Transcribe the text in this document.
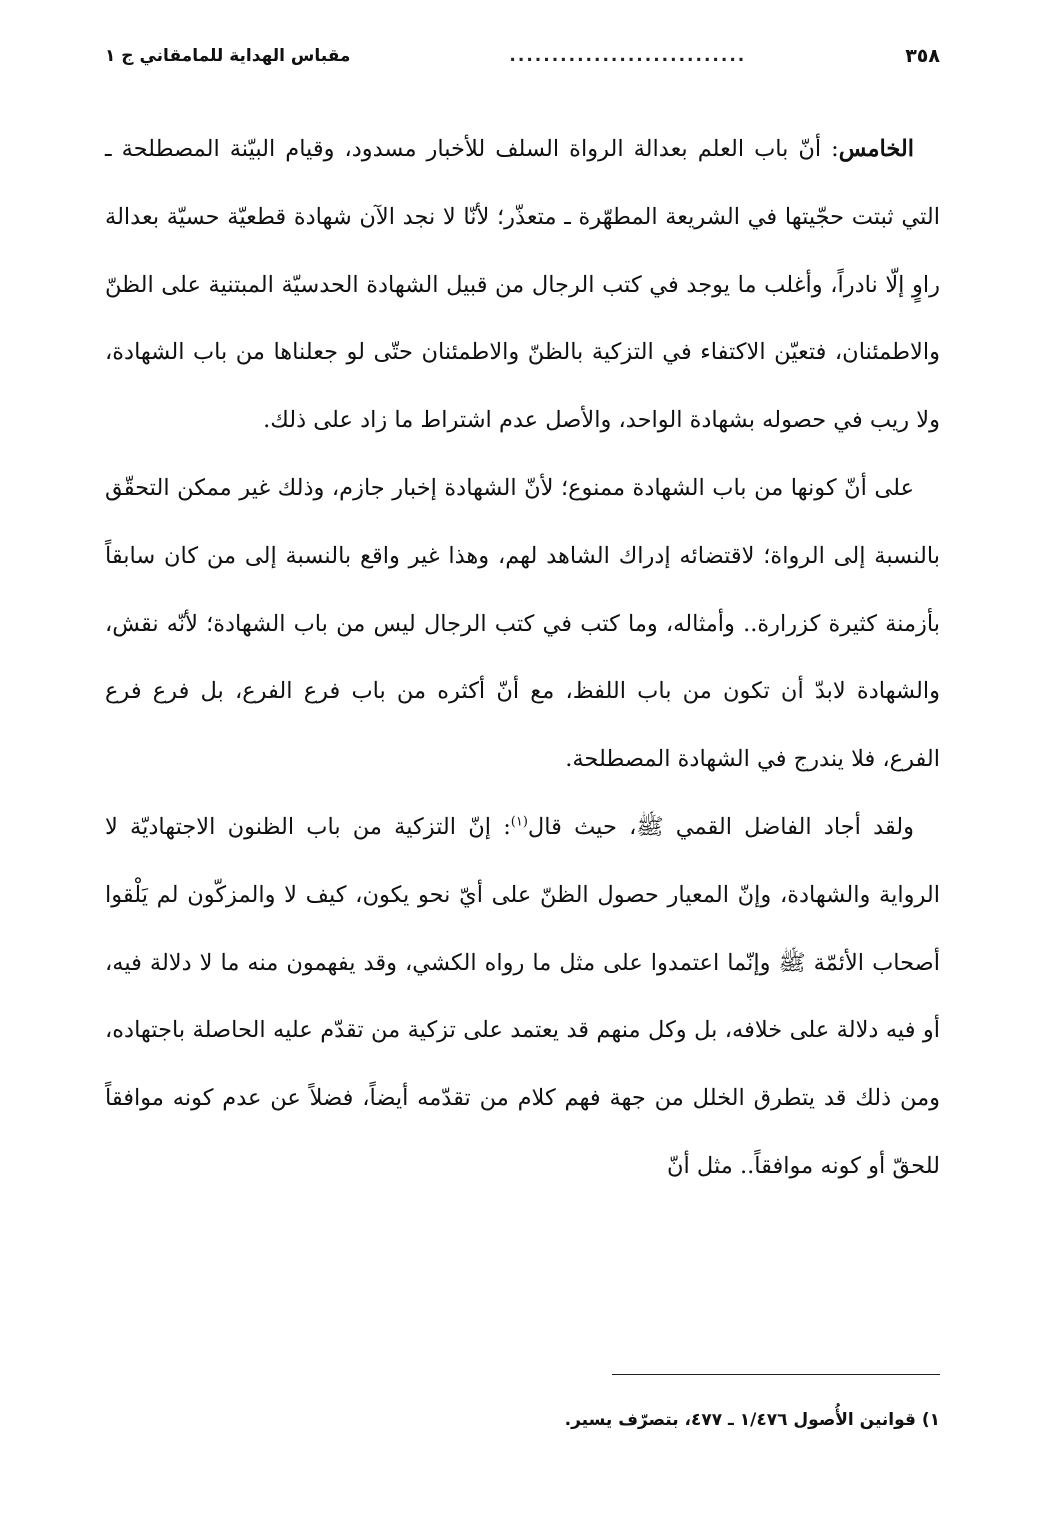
٣٥٨
............................
مقباس الهداية للمامقاني ج ١

الخامس: أنّ باب العلم بعدالة الرواة السلف للأخبار مسدود، وقيام البيّنة المصطلحة ـ التي ثبتت حجّيتها في الشريعة المطهّرة ـ متعذّر؛ لأنّا لا نجد الآن شهادة قطعيّة حسيّة بعدالة راوٍ إلّا نادراً، وأغلب ما يوجد في كتب الرجال من قبيل الشهادة الحدسيّة المبتنية على الظنّ والاطمئنان، فتعيّن الاكتفاء في التزكية بالظنّ والاطمئنان حتّى لو جعلناها من باب الشهادة، ولا ريب في حصوله بشهادة الواحد، والأصل عدم اشتراط ما زاد على ذلك.

على أنّ كونها من باب الشهادة ممنوع؛ لأنّ الشهادة إخبار جازم، وذلك غير ممكن التحقّق بالنسبة إلى الرواة؛ لاقتضائه إدراك الشاهد لهم، وهذا غير واقع بالنسبة إلى من كان سابقاً بأزمنة كثيرة كزرارة.. وأمثاله، وما كتب في كتب الرجال ليس من باب الشهادة؛ لأنّه نقش، والشهادة لابدّ أن تكون من باب اللفظ، مع أنّ أكثره من باب فرع الفرع، بل فرع فرع الفرع، فلا يندرج في الشهادة المصطلحة.

ولقد أجاد الفاضل القمي ﷺ، حيث قال$^{(١)}$: إنّ التزكية من باب الظنون الاجتهاديّة لا الرواية والشهادة، وإنّ المعيار حصول الظنّ على أيّ نحو يكون، كيف لا والمزكّون لم يَلْقوا أصحاب الأئمّة ﷺ وإنّما اعتمدوا على مثل ما رواه الكشي، وقد يفهمون منه ما لا دلالة فيه، أو فيه دلالة على خلافه، بل وكل منهم قد يعتمد على تزكية من تقدّم عليه الحاصلة باجتهاده، ومن ذلك قد يتطرق الخلل من جهة فهم كلام من تقدّمه أيضاً، فضلاً عن عدم كونه موافقاً للحقّ أو كونه موافقاً.. مثل أنّ

١) قوانين الأُصول ١/٤٧٦ ـ ٤٧٧، بتصرّف يسير.
